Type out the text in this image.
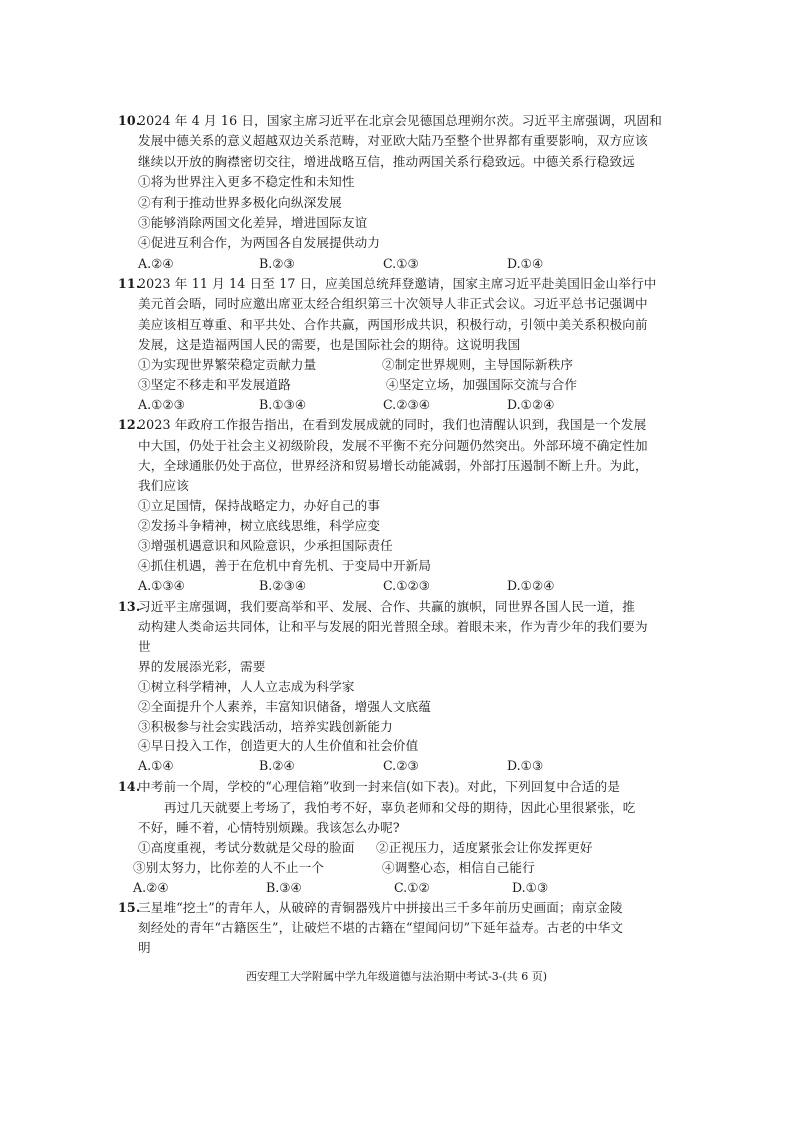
10.
2024 年 4 月 16 日，国家主席习近平在北京会见德国总理朔尔茨。习近平主席强调，巩固和
发展中德关系的意义超越双边关系范畴，对亚欧大陆乃至整个世界都有重要影响，双方应该
继续以开放的胸襟密切交往，增进战略互信，推动两国关系行稳致远。中德关系行稳致远
①将为世界注入更多不稳定性和未知性
②有利于推动世界多极化向纵深发展
③能够消除两国文化差异，增进国际友谊
④促进互利合作，为两国各自发展提供动力
A.②④	B.②③	C.①③	D.①④
11.
2023 年 11 月 14 日至 17 日，应美国总统拜登邀请，国家主席习近平赴美国旧金山举行中
美元首会晤，同时应邀出席亚太经合组织第三十次领导人非正式会议。习近平总书记强调中
美应该相互尊重、和平共处、合作共赢，两国形成共识，积极行动，引领中美关系积极向前
发展，这是造福两国人民的需要，也是国际社会的期待。这说明我国
①为实现世界繁荣稳定贡献力量	②制定世界规则，主导国际新秩序
③坚定不移走和平发展道路	④坚定立场，加强国际交流与合作
A.①②③	B.①③④	C.②③④	D.①②④
12.
2023 年政府工作报告指出，在看到发展成就的同时，我们也清醒认识到，我国是一个发展
中大国，仍处于社会主义初级阶段，发展不平衡不充分问题仍然突出。外部环境不确定性加
大，全球通胀仍处于高位，世界经济和贸易增长动能减弱，外部打压遏制不断上升。为此，
我们应该
①立足国情，保持战略定力，办好自己的事
②发扬斗争精神，树立底线思维，科学应变
③增强机遇意识和风险意识，少承担国际责任
④抓住机遇，善于在危机中育先机、于变局中开新局
A.①③④	B.②③④	C.①②③	D.①②④
13.
习近平主席强调，我们要高举和平、发展、合作、共赢的旗帜，同世界各国人民一道，推
动构建人类命运共同体，让和平与发展的阳光普照全球。着眼未来，作为青少年的我们要为
世
界的发展添光彩，需要
①树立科学精神，人人立志成为科学家
②全面提升个人素养，丰富知识储备，增强人文底蕴
③积极参与社会实践活动，培养实践创新能力
④早日投入工作，创造更大的人生价值和社会价值
A.①④	B.②④	C.②③	D.①③
14.
中考前一个周，学校的“心理信箱”收到一封来信(如下表)。对此，下列回复中合适的是
再过几天就要上考场了，我怕考不好，辜负老师和父母的期待，因此心里很紧张，吃
不好，睡不着，心情特别烦躁。我该怎么办呢?
①高度重视，考试分数就是父母的脸面 ②正视压力，适度紧张会让你发挥更好
③别太努力，比你差的人不止一个	④调整心态，相信自己能行
A.②④	B.③④	C.①②	D.①③
15.
三星堆“挖土”的青年人，从破碎的青铜器残片中拼接出三千多年前历史画面；南京金陵
刻经处的青年“古籍医生”，让破烂不堪的古籍在“望闻问切”下延年益寿。古老的中华文
明
西安理工大学附属中学九年级道德与法治期中考试-3-(共 6 页)
